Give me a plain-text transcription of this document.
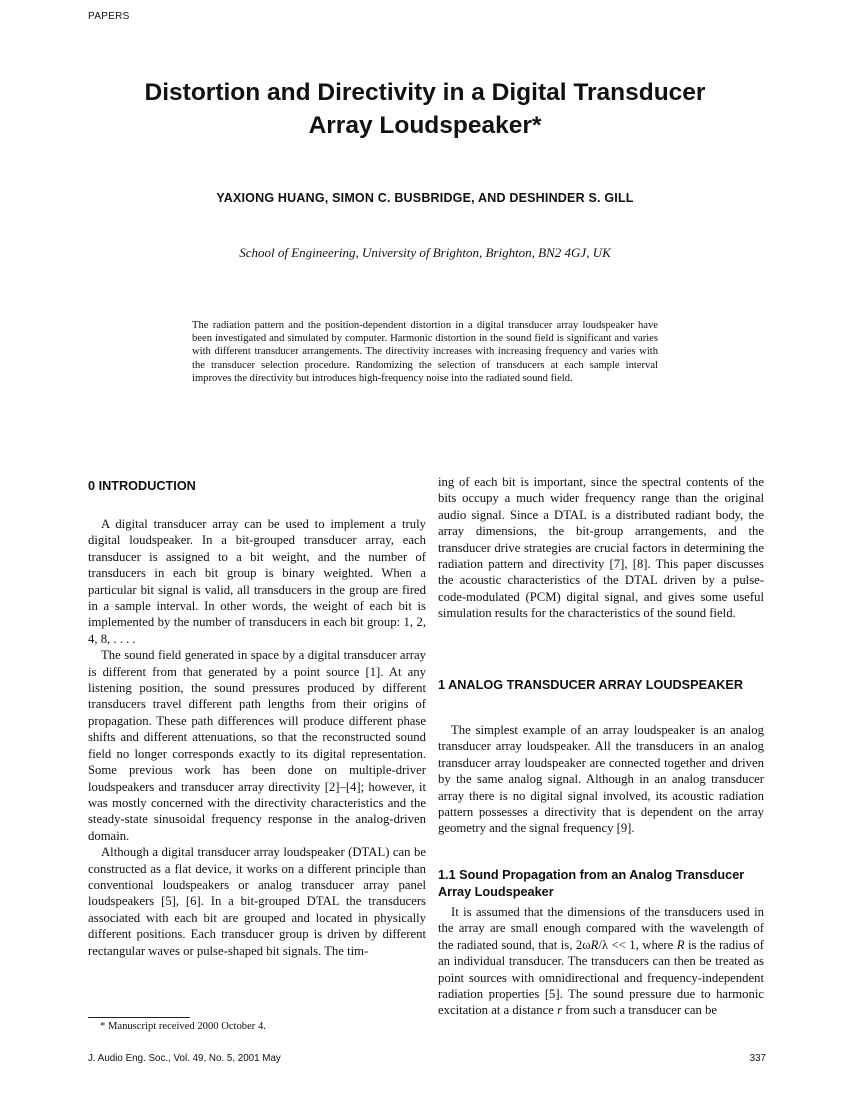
PAPERS
Distortion and Directivity in a Digital Transducer
Array Loudspeaker*
YAXIONG HUANG, SIMON C. BUSBRIDGE, AND DESHINDER S. GILL
School of Engineering, University of Brighton, Brighton, BN2 4GJ, UK
The radiation pattern and the position-dependent distortion in a digital transducer array loudspeaker have been investigated and simulated by computer. Harmonic distortion in the sound field is significant and varies with different transducer arrangements. The directivity increases with increasing frequency and varies with the transducer selection procedure. Randomizing the selection of transducers at each sample interval improves the directivity but introduces high-frequency noise into the radiated sound field.
0 INTRODUCTION

A digital transducer array can be used to implement a truly digital loudspeaker. In a bit-grouped transducer array, each transducer is assigned to a bit weight, and the number of transducers in each bit group is binary weighted. When a particular bit signal is valid, all transducers in the group are fired in a sample interval. In other words, the weight of each bit is implemented by the number of transducers in each bit group: 1, 2, 4, 8, . . . .

The sound field generated in space by a digital transducer array is different from that generated by a point source [1]. At any listening position, the sound pressures produced by different transducers travel different path lengths from their origins of propagation. These path differences will produce different phase shifts and different attenuations, so that the reconstructed sound field no longer corresponds exactly to its digital representation. Some previous work has been done on multiple-driver loudspeakers and transducer array directivity [2]–[4]; however, it was mostly concerned with the directivity characteristics and the steady-state sinusoidal frequency response in the analog-driven domain.

Although a digital transducer array loudspeaker (DTAL) can be constructed as a flat device, it works on a different principle than conventional loudspeakers or analog transducer array panel loudspeakers [5], [6]. In a bit-grouped DTAL the transducers associated with each bit are grouped and located in physically different positions. Each transducer group is driven by different rectangular waves or pulse-shaped bit signals. The tim-

ing of each bit is important, since the spectral contents of the bits occupy a much wider frequency range than the original audio signal. Since a DTAL is a distributed radiant body, the array dimensions, the bit-group arrangements, and the transducer drive strategies are crucial factors in determining the radiation pattern and directivity [7], [8]. This paper discusses the acoustic characteristics of the DTAL driven by a pulse-code-modulated (PCM) digital signal, and gives some useful simulation results for the characteristics of the sound field.

1 ANALOG TRANSDUCER ARRAY LOUDSPEAKER

The simplest example of an array loudspeaker is an analog transducer array loudspeaker. All the transducers in an analog transducer array loudspeaker are connected together and driven by the same analog signal. Although in an analog transducer array there is no digital signal involved, its acoustic radiation pattern possesses a directivity that is dependent on the array geometry and the signal frequency [9].

1.1 Sound Propagation from an Analog Transducer Array Loudspeaker

It is assumed that the dimensions of the transducers used in the array are small enough compared with the wavelength of the radiated sound, that is, 2ωR/λ << 1, where R is the radius of an individual transducer. The transducers can then be treated as point sources with omnidirectional and frequency-independent radiation properties [5]. The sound pressure due to harmonic excitation at a distance r from such a transducer can be

* Manuscript received 2000 October 4.
J. Audio Eng. Soc., Vol. 49, No. 5, 2001 May	337
